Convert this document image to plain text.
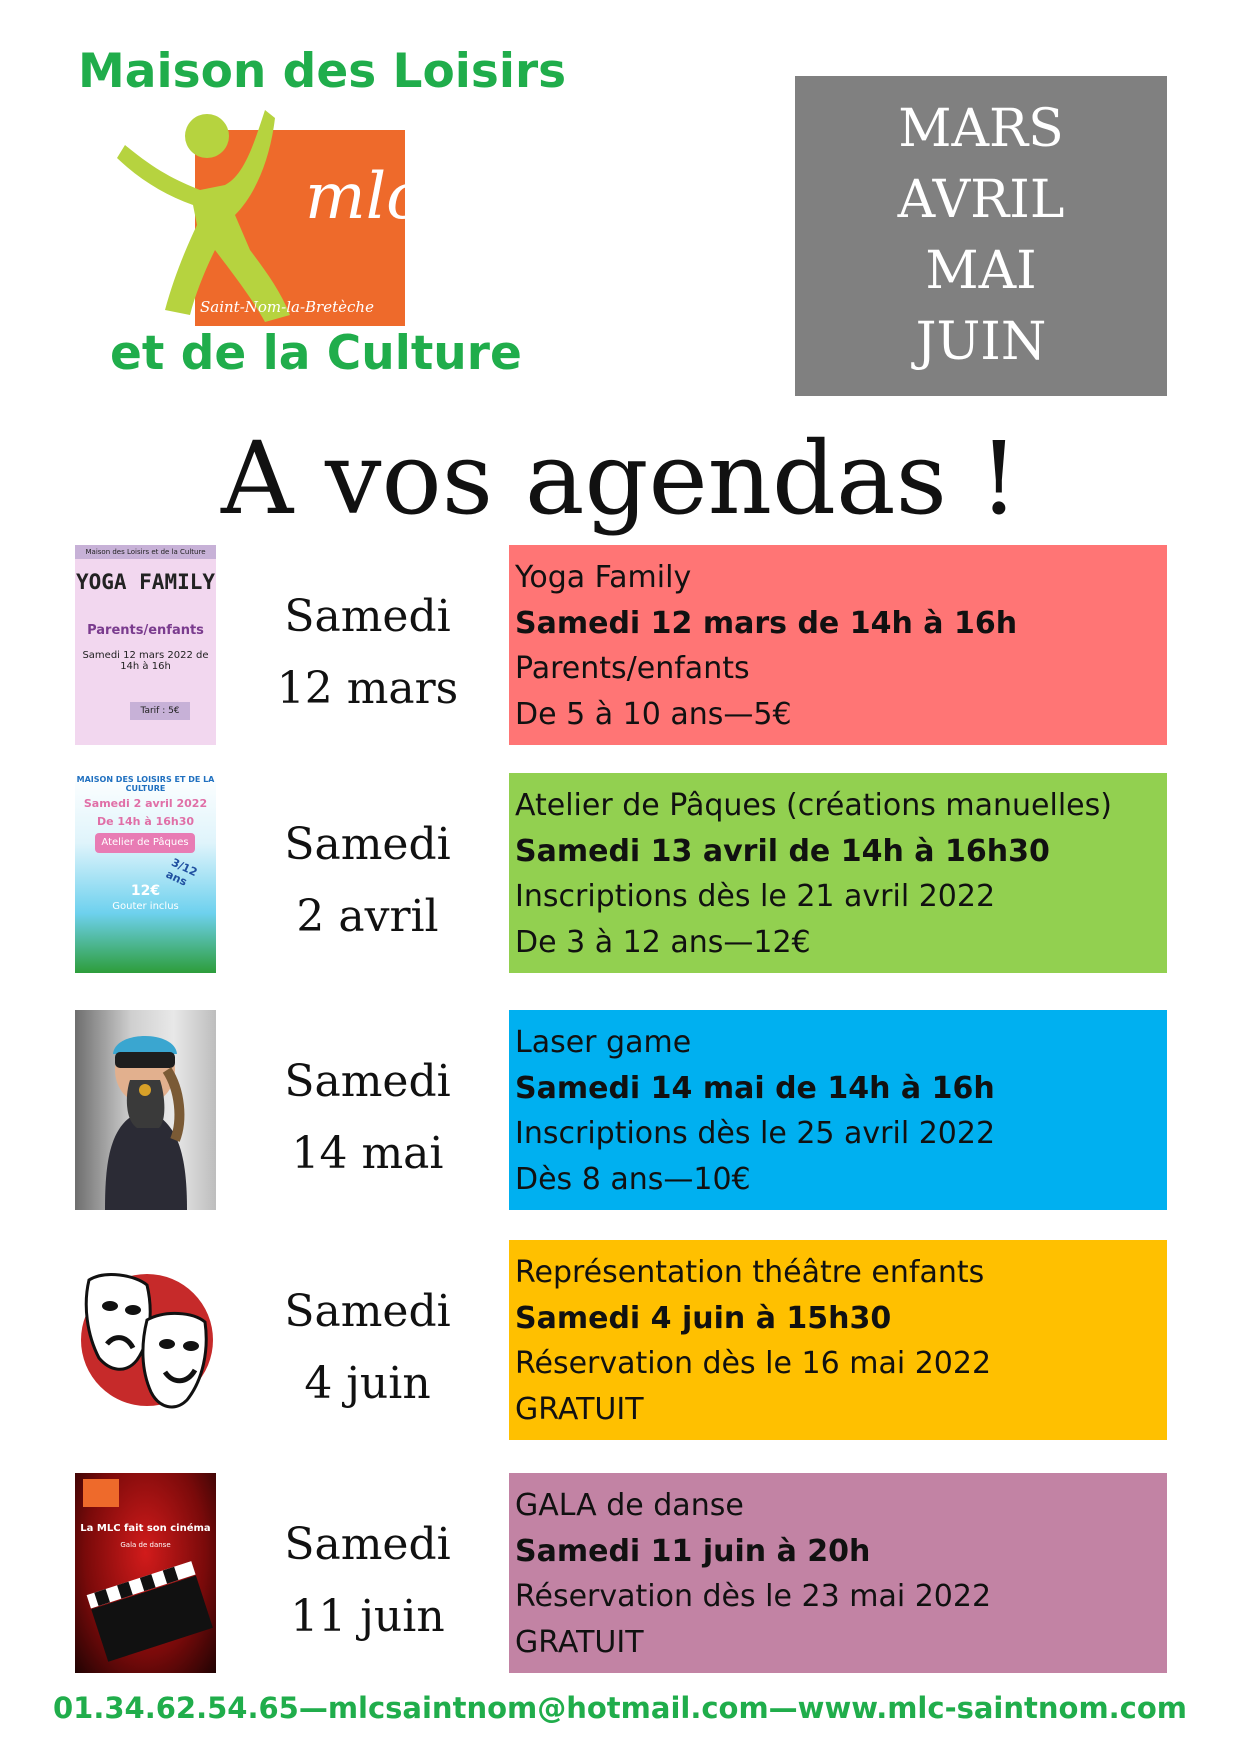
Maison des Loisirs
mlc
Saint-Nom-la-Bretèche
et de la Culture
MARS
AVRIL
MAI
JUIN
A vos agendas !
Maison des Loisirs et de la Culture
YOGA FAMILY
Parents/enfants
Samedi 12 mars 2022 de 14h à 16h
Tarif : 5€
Samedi
12 mars
Yoga Family
Samedi 12 mars de 14h à 16h
Parents/enfants
De 5 à 10 ans—5€
MAISON DES LOISIRS ET DE LA CULTURE
Samedi 2 avril 2022 De 14h à 16h30
Atelier de Pâques
3/12 ans
12€
Gouter inclus
Samedi
2 avril
Atelier de Pâques (créations manuelles)
Samedi 13 avril de 14h à 16h30
Inscriptions dès le 21 avril 2022
De 3 à 12 ans—12€
Samedi
14 mai
Laser game
Samedi 14 mai de 14h à 16h
Inscriptions dès le 25 avril 2022
Dès 8 ans—10€
Samedi
4 juin
Représentation théâtre enfants
Samedi 4 juin à 15h30
Réservation dès le 16 mai 2022
GRATUIT
La MLC fait son cinéma
Gala de danse	Samedi
11 juin
GALA de danse
Samedi 11 juin à 20h
Réservation dès le 23 mai 2022
GRATUIT
01.34.62.54.65—mlcsaintnom@hotmail.com—www.mlc-saintnom.com
